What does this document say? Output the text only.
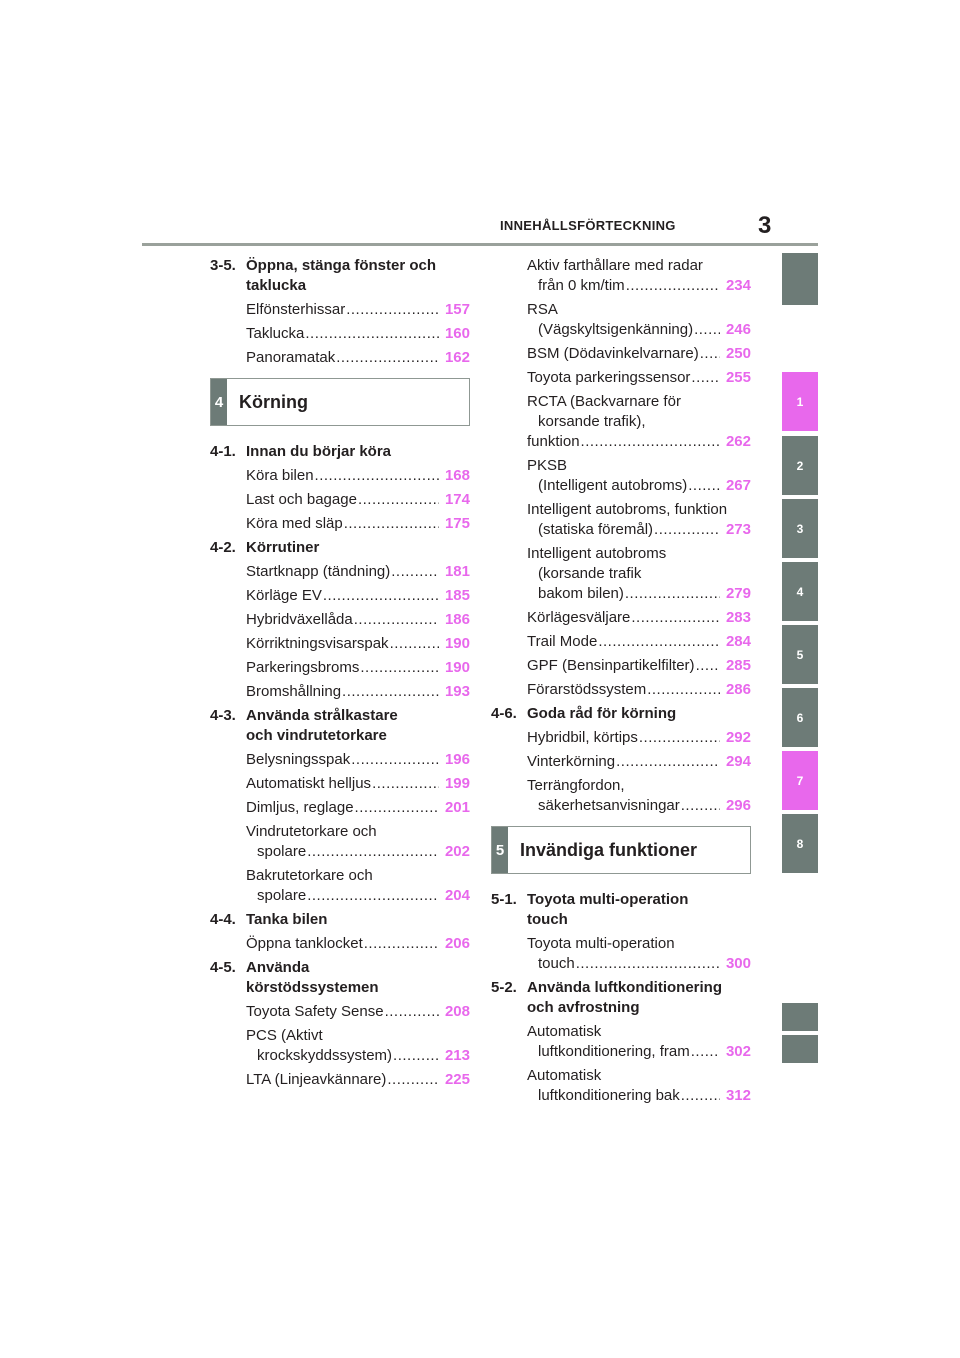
INNEHÅLLSFÖRTECKNING	3
1
2
3
4
5
6
7
8
3-5. Öppna, stänga fönster och
taklucka
Elfönsterhissar .....	157
Taklucka .....	160
Panoramatak .....	162
4 Körning
4-1. Innan du börjar köra
Köra bilen .....	168
Last och bagage .....	174
Köra med släp .....	175
4-2. Körrutiner
Startknapp (tändning) .....	181
Körläge EV .....	185
Hybridväxellåda .....	186
Körriktningsvisarspak .....	190
Parkeringsbroms .....	190
Bromshållning .....	193
4-3. Använda strålkastare
och vindrutetorkare
Belysningsspak .....	196
Automatiskt helljus .....	199
Dimljus, reglage .....	201
Vindrutetorkare och
spolare .....	202
Bakrutetorkare och
spolare .....	204
4-4. Tanka bilen
Öppna tanklocket .....	206
4-5. Använda
körstödssystemen
Toyota Safety Sense .....	208
PCS (Aktivt
krockskyddssystem) .....	213
LTA (Linjeavkännare) .....	225
Aktiv farthållare med radar
från 0 km/tim .....	234
RSA
(Vägskyltsigenkänning) .....	246
BSM (Dödavinkelvarnare) .....	250
Toyota parkeringssensor .....	255
RCTA (Backvarnare för
korsande trafik),
funktion .....	262
PKSB
(Intelligent autobroms) .....	267
Intelligent autobroms, funktion
(statiska föremål) .....	273
Intelligent autobroms
(korsande trafik
bakom bilen) .....	279
Körlägesväljare .....	283
Trail Mode .....	284
GPF (Bensinpartikelfilter) .....	285
Förarstödssystem .....	286
4-6. Goda råd för körning
Hybridbil, körtips .....	292
Vinterkörning .....	294
Terrängfordon,
säkerhetsanvisningar .....	296
5 Invändiga funktioner
5-1. Toyota multi-operation
touch
Toyota multi-operation
touch .....	300
5-2. Använda luftkonditionering
och avfrostning
Automatisk
luftkonditionering, fram .....	302
Automatisk
luftkonditionering bak .....	312
